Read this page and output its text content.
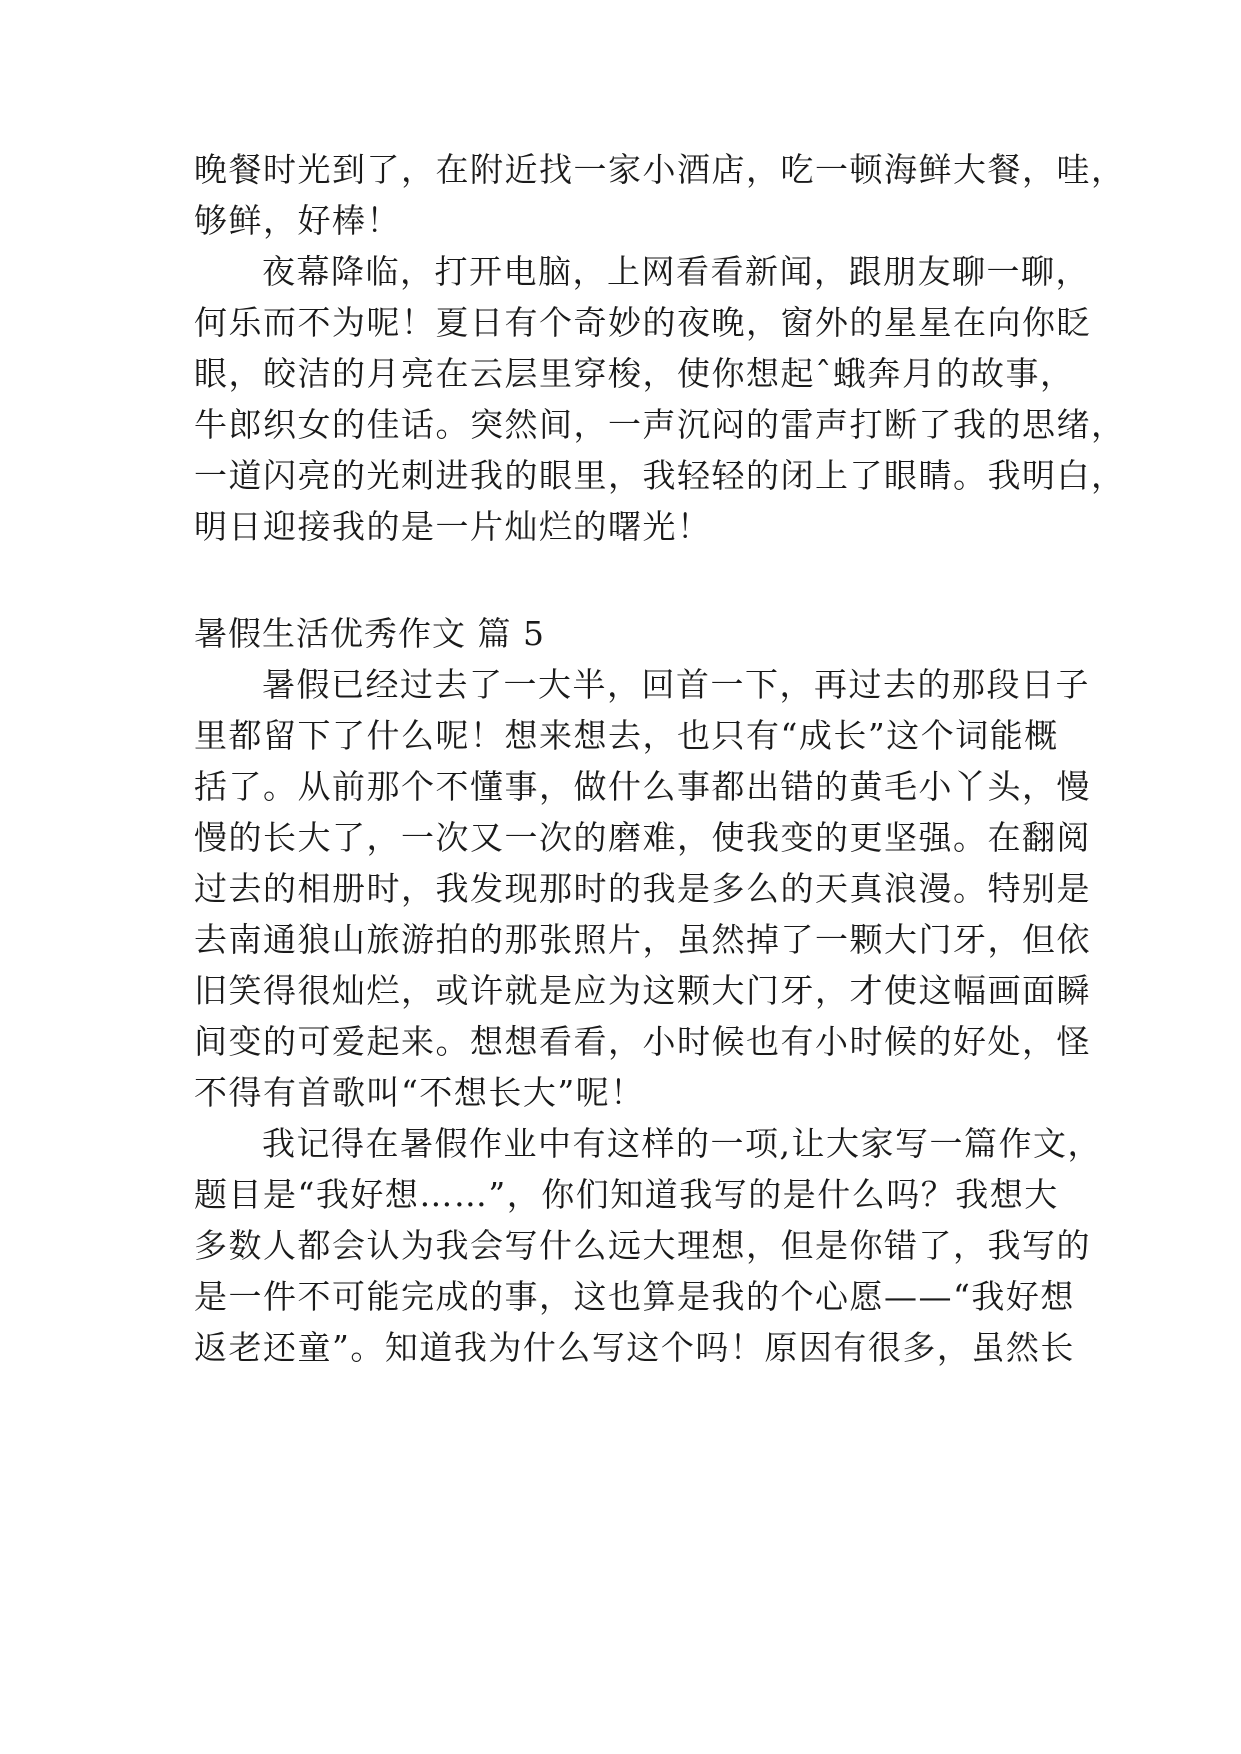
晚餐时光到了，在附近找一家小酒店，吃一顿海鲜大餐，哇，
够鲜，好棒！
夜幕降临，打开电脑，上网看看新闻，跟朋友聊一聊，
何乐而不为呢！夏日有个奇妙的夜晚，窗外的星星在向你眨
眼，皎洁的月亮在云层里穿梭，使你想起ˆ蛾奔月的故事，
牛郎织女的佳话。突然间，一声沉闷的雷声打断了我的思绪，
一道闪亮的光刺进我的眼里，我轻轻的闭上了眼睛。我明白，
明日迎接我的是一片灿烂的曙光！
暑假生活优秀作文 篇 5
暑假已经过去了一大半，回首一下，再过去的那段日子
里都留下了什么呢！想来想去，也只有“成长”这个词能概
括了。从前那个不懂事，做什么事都出错的黄毛小丫头，慢
慢的长大了，一次又一次的磨难，使我变的更坚强。在翻阅
过去的相册时，我发现那时的我是多么的天真浪漫。特别是
去南通狼山旅游拍的那张照片，虽然掉了一颗大门牙，但依
旧笑得很灿烂，或许就是应为这颗大门牙，才使这幅画面瞬
间变的可爱起来。想想看看，小时候也有小时候的好处，怪
不得有首歌叫“不想长大”呢！
我记得在暑假作业中有这样的一项,让大家写一篇作文，
题目是“我好想……”，你们知道我写的是什么吗？我想大
多数人都会认为我会写什么远大理想，但是你错了，我写的
是一件不可能完成的事，这也算是我的个心愿——“我好想
返老还童”。知道我为什么写这个吗！原因有很多，虽然长
